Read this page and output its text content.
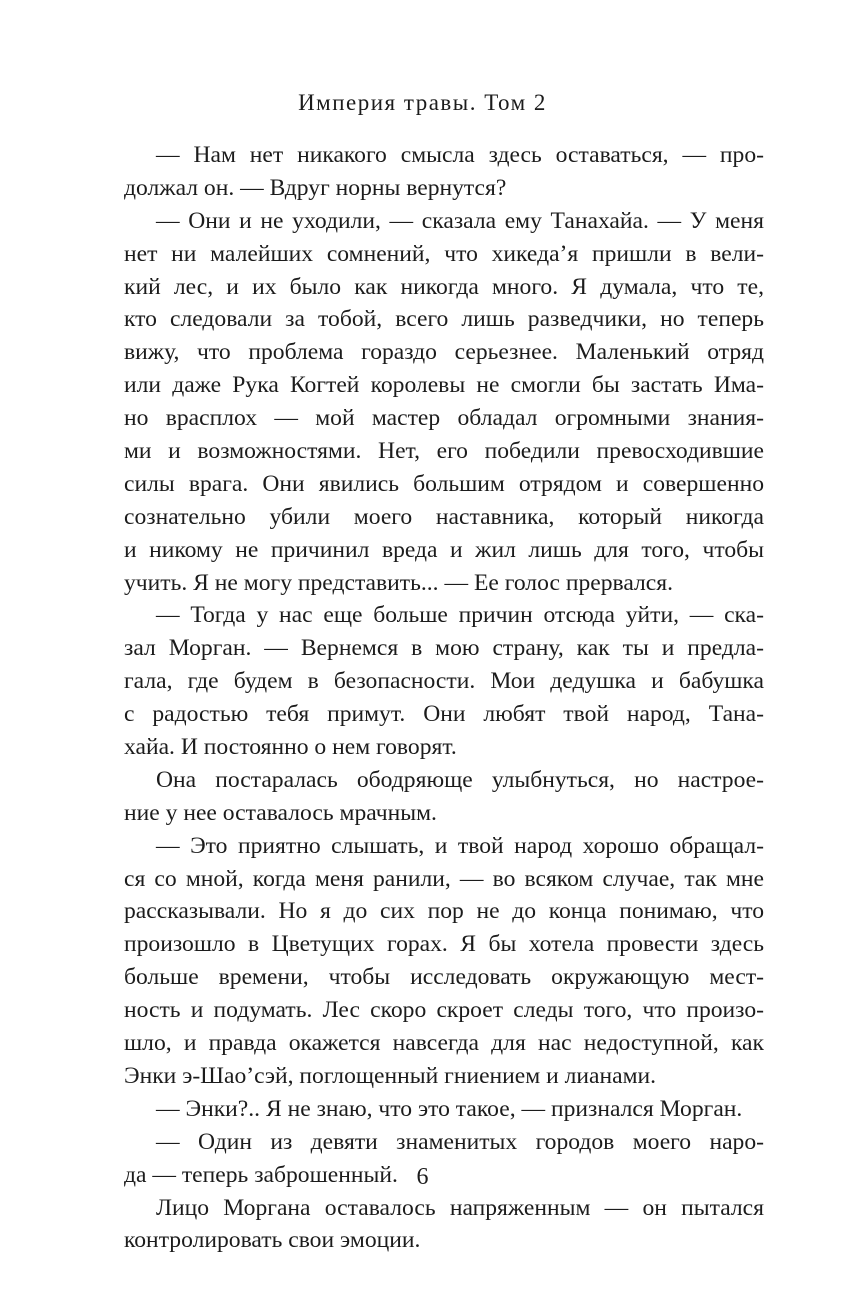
Империя травы. Том 2
— Нам нет никакого смысла здесь оставаться, — про-
должал он. — Вдруг норны вернутся?
— Они и не уходили, — сказала ему Танахайа. — У меня
нет ни малейших сомнений, что хикеда’я пришли в вели-
кий лес, и их было как никогда много. Я думала, что те,
кто следовали за тобой, всего лишь разведчики, но теперь
вижу, что проблема гораздо серьезнее. Маленький отряд
или даже Рука Когтей королевы не смогли бы застать Има-
но врасплох — мой мастер обладал огромными знания-
ми и возможностями. Нет, его победили превосходившие
силы врага. Они явились большим отрядом и совершенно
сознательно убили моего наставника, который никогда
и никому не причинил вреда и жил лишь для того, чтобы
учить. Я не могу представить... — Ее голос прервался.
— Тогда у нас еще больше причин отсюда уйти, — ска-
зал Морган. — Вернемся в мою страну, как ты и предла-
гала, где будем в безопасности. Мои дедушка и бабушка
с радостью тебя примут. Они любят твой народ, Тана-
хайа. И постоянно о нем говорят.
Она постаралась ободряюще улыбнуться, но настрое-
ние у нее оставалось мрачным.
— Это приятно слышать, и твой народ хорошо обращал-
ся со мной, когда меня ранили, — во всяком случае, так мне
рассказывали. Но я до сих пор не до конца понимаю, что
произошло в Цветущих горах. Я бы хотела провести здесь
больше времени, чтобы исследовать окружающую мест-
ность и подумать. Лес скоро скроет следы того, что произо-
шло, и правда окажется навсегда для нас недоступной, как
Энки э-Шао’сэй, поглощенный гниением и лианами.
— Энки?.. Я не знаю, что это такое, — признался Морган.
— Один из девяти знаменитых городов моего наро-
да — теперь заброшенный.
Лицо Моргана оставалось напряженным — он пытался
контролировать свои эмоции.
6
